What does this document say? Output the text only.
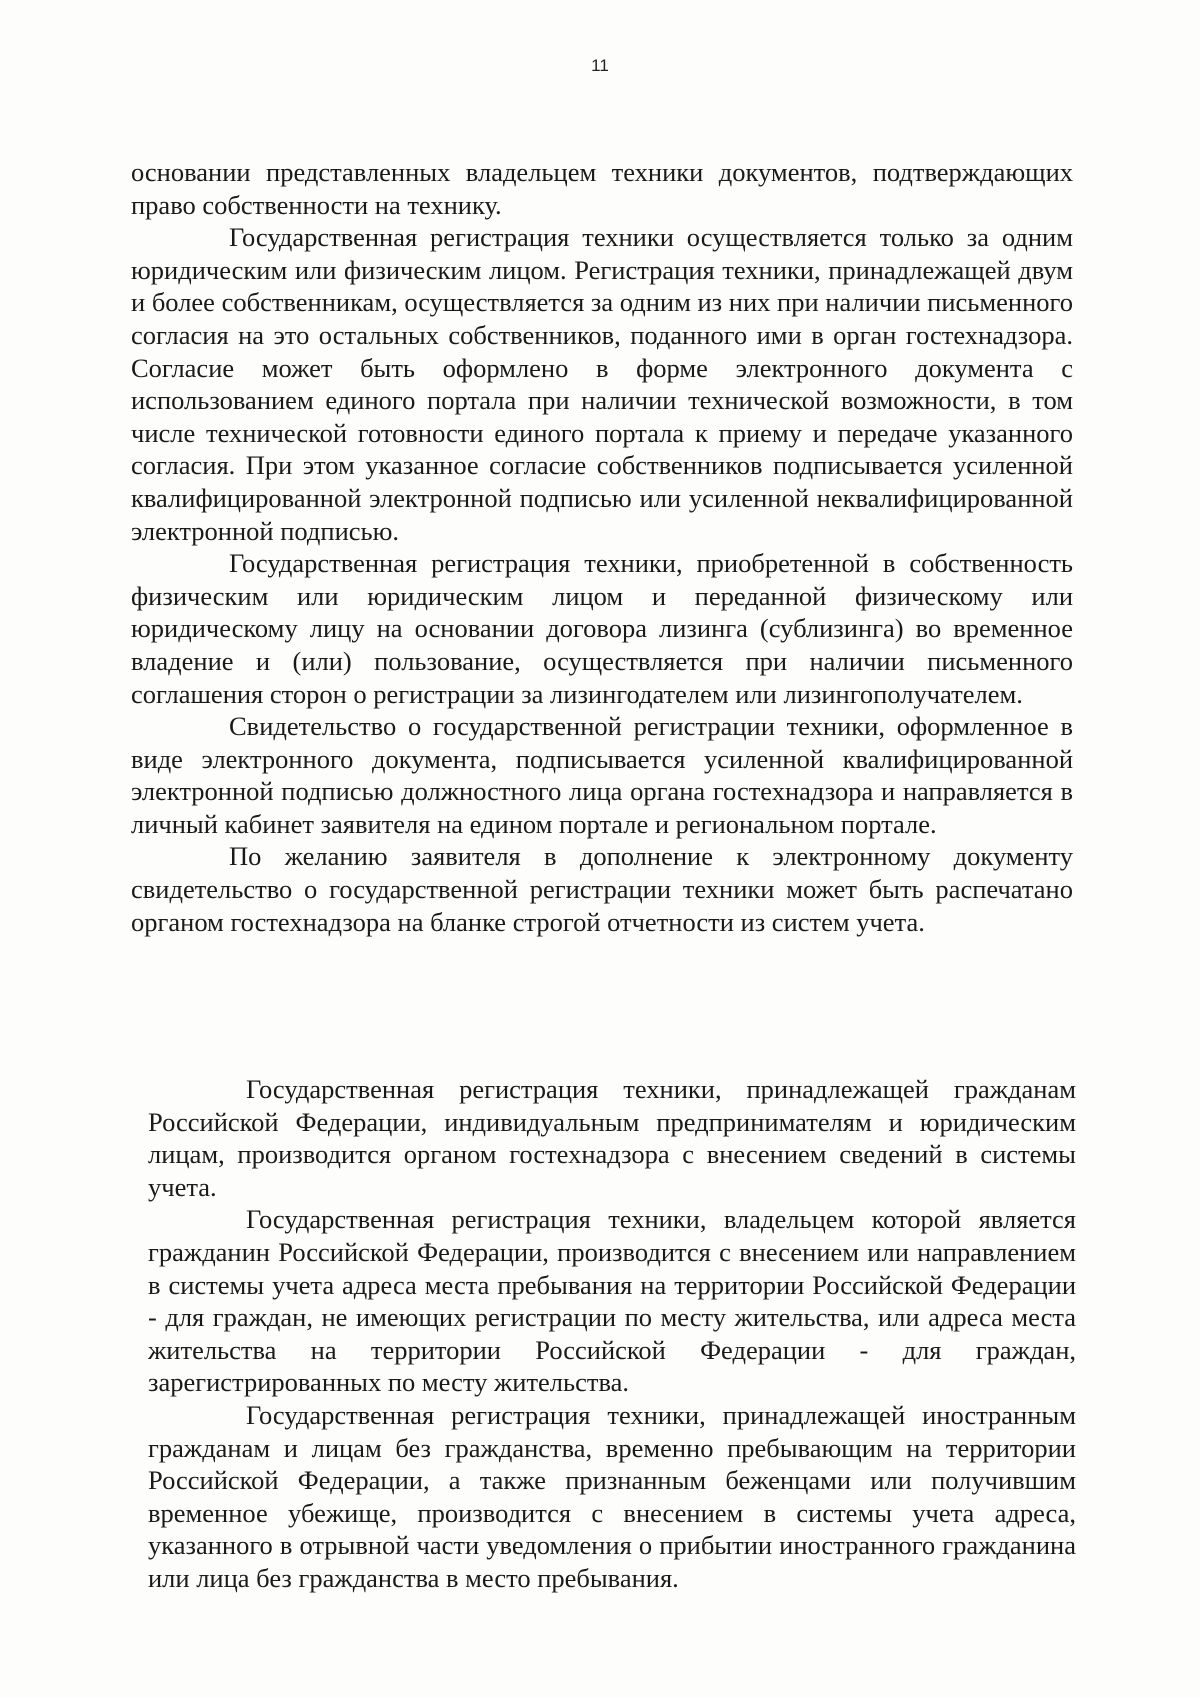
11

основании представленных владельцем техники документов, подтверждающих право собственности на технику.

Государственная регистрация техники осуществляется только за одним юридическим или физическим лицом. Регистрация техники, принадлежащей двум и более собственникам, осуществляется за одним из них при наличии письменного согласия на это остальных собственников, поданного ими в орган гостехнадзора. Согласие может быть оформлено в форме электронного документа с использованием единого портала при наличии технической возможности, в том числе технической готовности единого портала к приему и передаче указанного согласия. При этом указанное согласие собственников подписывается усиленной квалифицированной электронной подписью или усиленной неквалифицированной электронной подписью.

Государственная регистрация техники, приобретенной в собственность физическим или юридическим лицом и переданной физическому или юридическому лицу на основании договора лизинга (сублизинга) во временное владение и (или) пользование, осуществляется при наличии письменного соглашения сторон о регистрации за лизингодателем или лизингополучателем.

Свидетельство о государственной регистрации техники, оформленное в виде электронного документа, подписывается усиленной квалифицированной электронной подписью должностного лица органа гостехнадзора и направляется в личный кабинет заявителя на едином портале и региональном портале.

По желанию заявителя в дополнение к электронному документу свидетельство о государственной регистрации техники может быть распечатано органом гостехнадзора на бланке строгой отчетности из систем учета.

Государственная регистрация техники, принадлежащей гражданам Российской Федерации, индивидуальным предпринимателям и юридическим лицам, производится органом гостехнадзора с внесением сведений в системы учета.

Государственная регистрация техники, владельцем которой является гражданин Российской Федерации, производится с внесением или направлением в системы учета адреса места пребывания на территории Российской Федерации - для граждан, не имеющих регистрации по месту жительства, или адреса места жительства на территории Российской Федерации - для граждан, зарегистрированных по месту жительства.

Государственная регистрация техники, принадлежащей иностранным гражданам и лицам без гражданства, временно пребывающим на территории Российской Федерации, а также признанным беженцами или получившим временное убежище, производится с внесением в системы учета адреса, указанного в отрывной части уведомления о прибытии иностранного гражданина или лица без гражданства в место пребывания.
